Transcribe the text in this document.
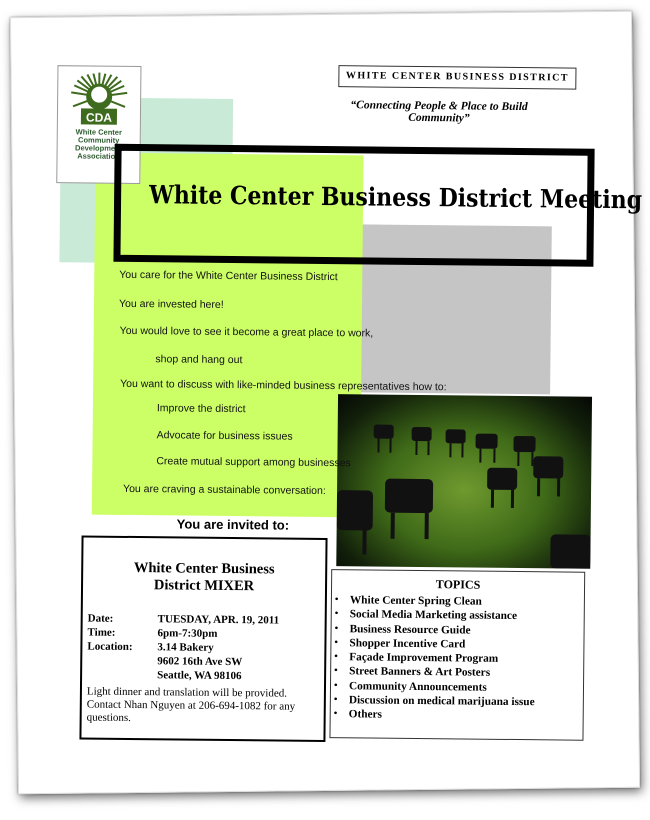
CDA
White Center
Community
Development
Association
WHITE CENTER BUSINESS DISTRICT
“Connecting People & Place to Build Community”
White Center Business District Meeting
You care for the White Center Business District
You are invested here!
You would love to see it become a great place to work,
shop and hang out
You want to discuss with like-minded business representatives how to:
Improve the district
Advocate for business issues
Create mutual support among businesses
You are craving a sustainable conversation:
You are invited to:
White Center Business
District MIXER
Date:	TUESDAY, APR. 19, 2011
Time:	6pm-7:30pm
Location: 3.14 Bakery
9602 16th Ave SW
Seattle, WA 98106
Light dinner and translation will be provided. Contact Nhan Nguyen at 206-694-1082 for any questions.
TOPICS
• White Center Spring Clean
• Social Media Marketing assistance
• Business Resource Guide
• Shopper Incentive Card
• Façade Improvement Program
• Street Banners & Art Posters
• Community Announcements
• Discussion on medical marijuana issue
• Others
